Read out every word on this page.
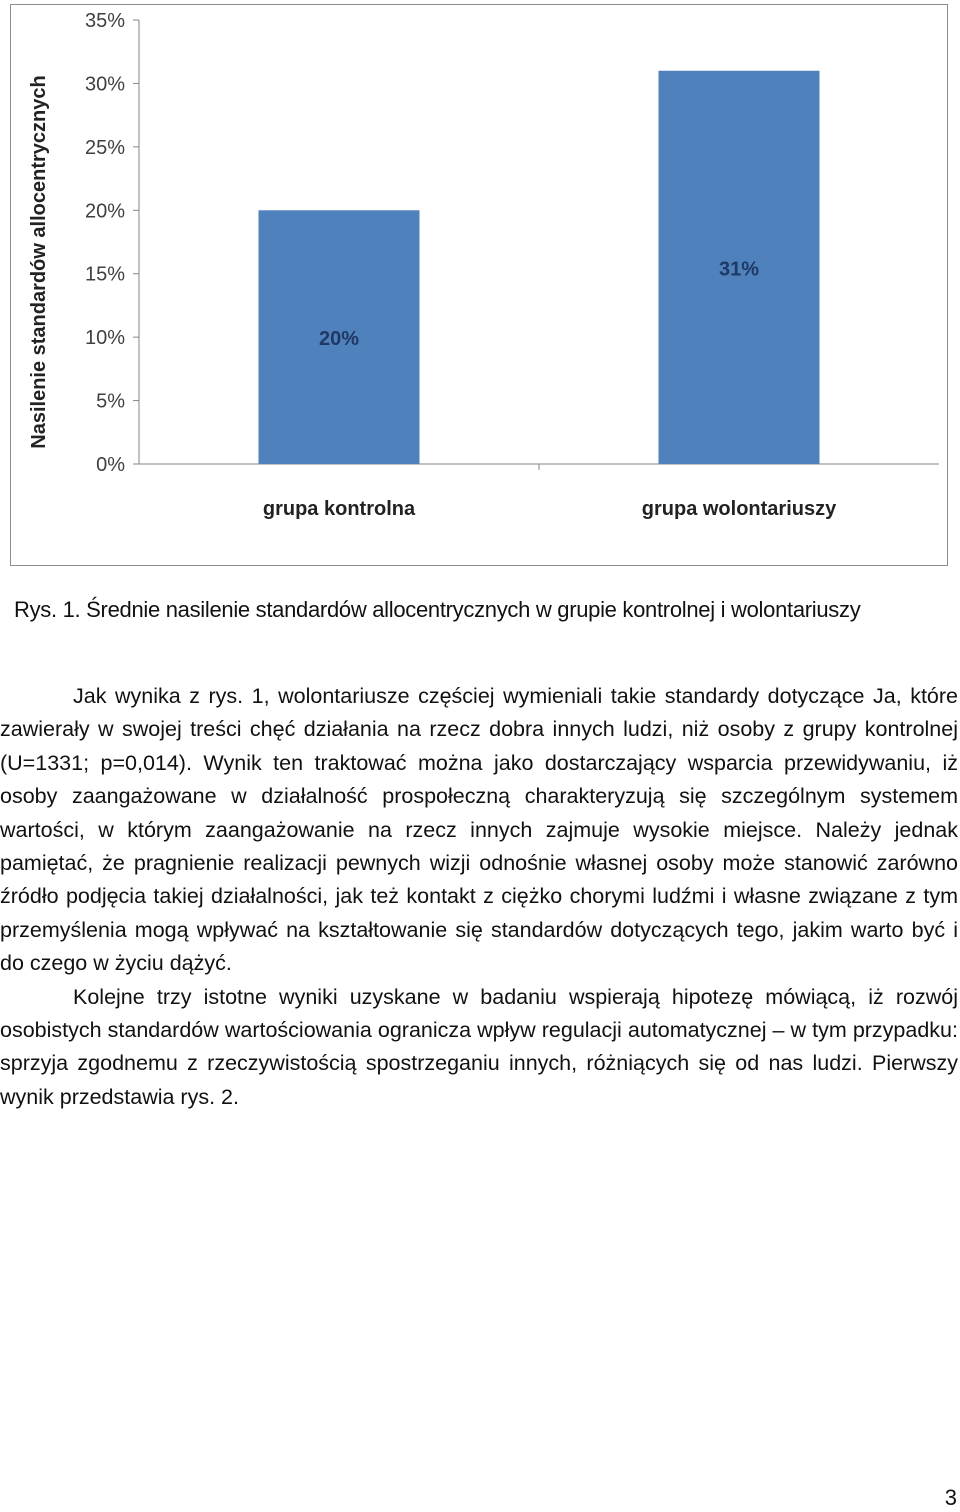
0%
5%
10%
15%
20%
25%
30%
35%
Nasilenie standardów allocentrycznych	20%
grupa kontrolna
31%
grupa wolontariuszy
Rys. 1. Średnie nasilenie standardów allocentrycznych w grupie kontrolnej i wolontariuszy

Jak wynika z rys. 1, wolontariusze częściej wymieniali takie standardy dotyczące Ja, które zawierały w swojej treści chęć działania na rzecz dobra innych ludzi, niż osoby z grupy kontrolnej (U=1331; p=0,014). Wynik ten traktować można jako dostarczający wsparcia przewidywaniu, iż osoby zaangażowane w działalność prospołeczną charakteryzują się szczególnym systemem wartości, w którym zaangażowanie na rzecz innych zajmuje wysokie miejsce. Należy jednak pamiętać, że pragnienie realizacji pewnych wizji odnośnie własnej osoby może stanowić zarówno źródło podjęcia takiej działalności, jak też kontakt z ciężko chorymi ludźmi i własne związane z tym przemyślenia mogą wpływać na kształtowanie się standardów dotyczących tego, jakim warto być i do czego w życiu dążyć.

Kolejne trzy istotne wyniki uzyskane w badaniu wspierają hipotezę mówiącą, iż rozwój osobistych standardów wartościowania ogranicza wpływ regulacji automatycznej – w tym przypadku: sprzyja zgodnemu z rzeczywistością spostrzeganiu innych, różniących się od nas ludzi. Pierwszy wynik przedstawia rys. 2.

3
